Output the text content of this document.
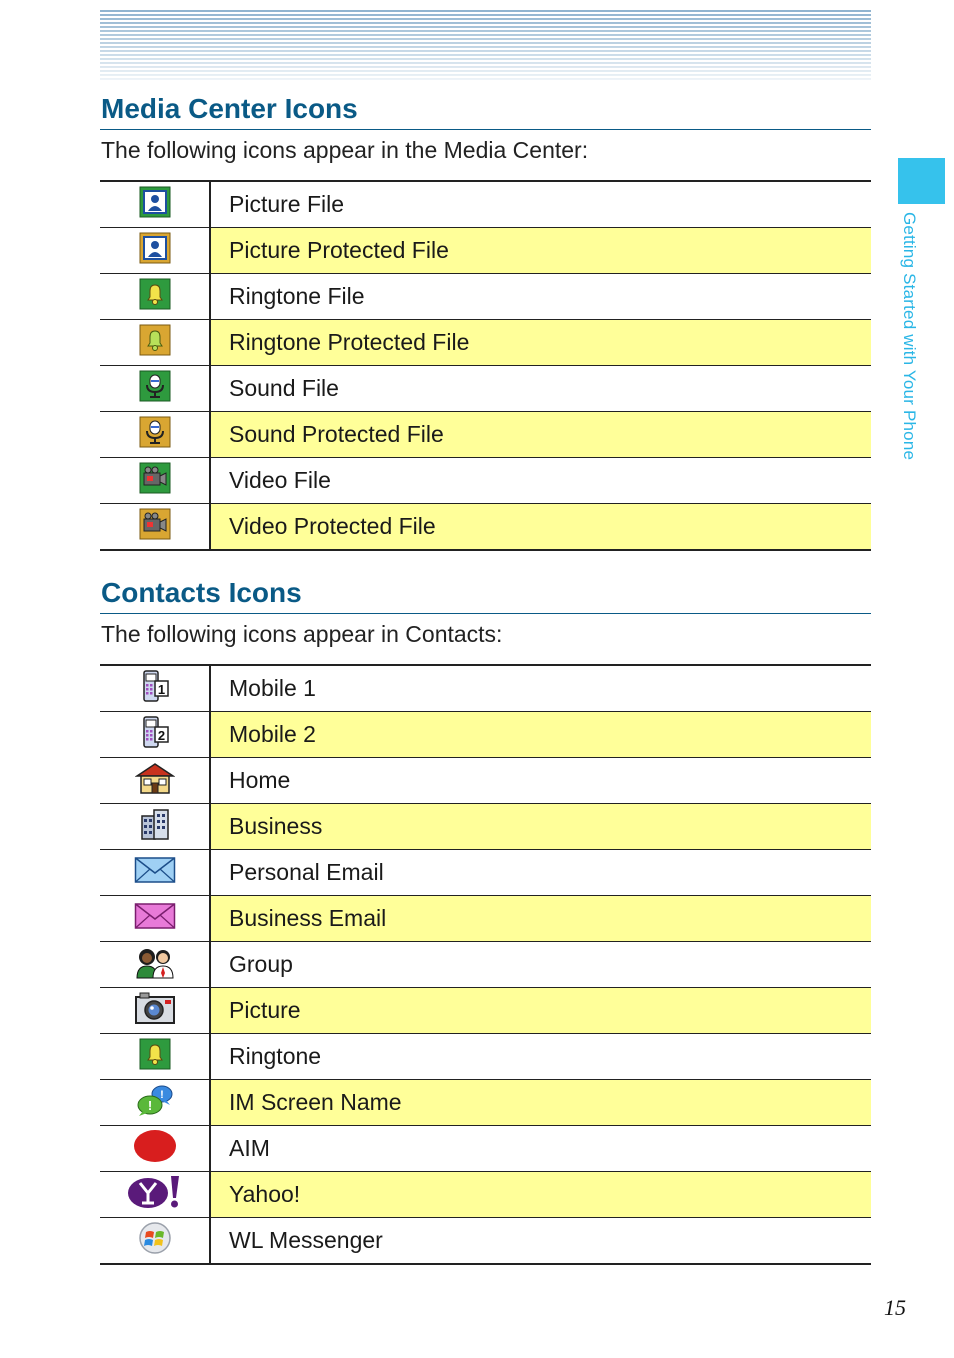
Getting Started with Your Phone
Media Center Icons

The following icons appear in the Media Center:

	Picture File
	Picture Protected File
	Ringtone File
	Ringtone Protected File
	Sound File
	Sound Protected File
	Video File
	Video Protected File
Contacts Icons

The following icons appear in Contacts:

1	Mobile 1

2	Mobile 2
	Home
	Business
	Personal Email
	Business Email
	Group
	Picture
	Ringtone

!
!	IM Screen Name
	AIM
	Yahoo!
	WL Messenger
15
